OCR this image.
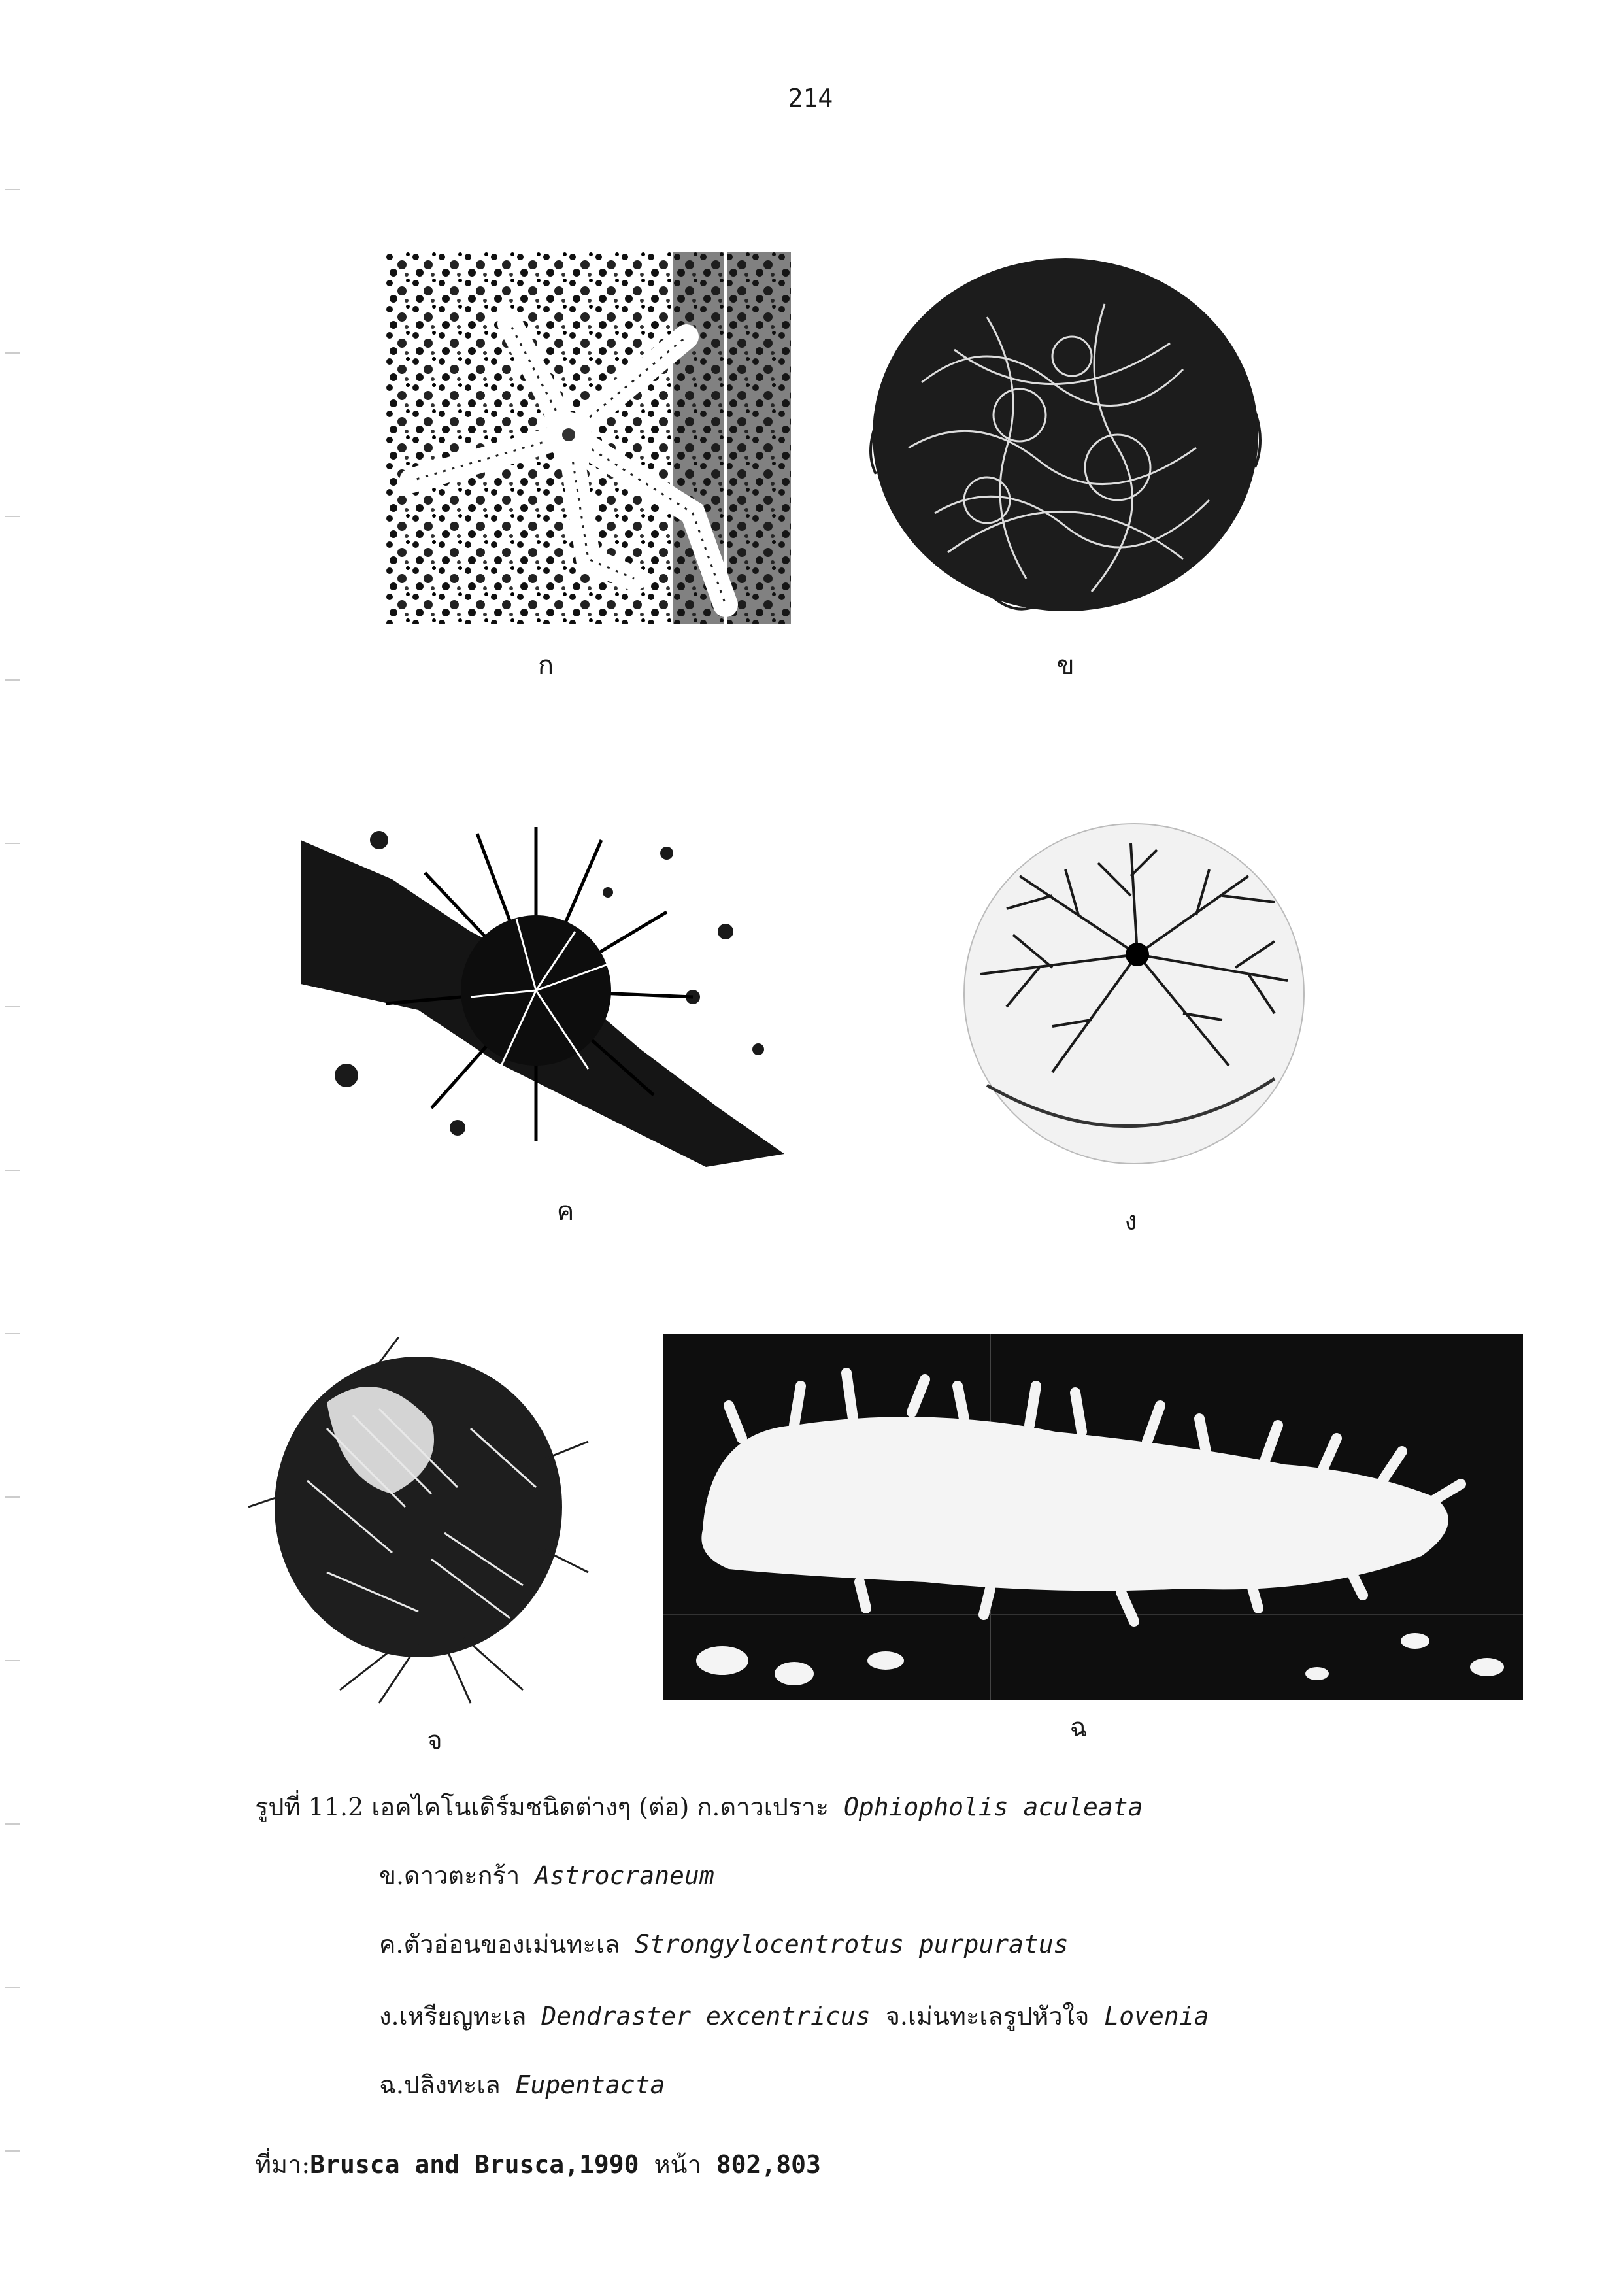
214
ก	ข
ค	ง
จ	ฉ
รูปที่ 11.2 เอคไคโนเดิร์มชนิดต่างๆ (ต่อ) ก.ดาวเปราะ Ophiopholis aculeata
ข.ดาวตะกร้า Astrocraneum
ค.ตัวอ่อนของเม่นทะเล Strongylocentrotus purpuratus
ง.เหรียญทะเล Dendraster excentricus จ.เม่นทะเลรูปหัวใจ Lovenia
ฉ.ปลิงทะเล Eupentacta
ที่มา:Brusca and Brusca,1990 หน้า 802,803
